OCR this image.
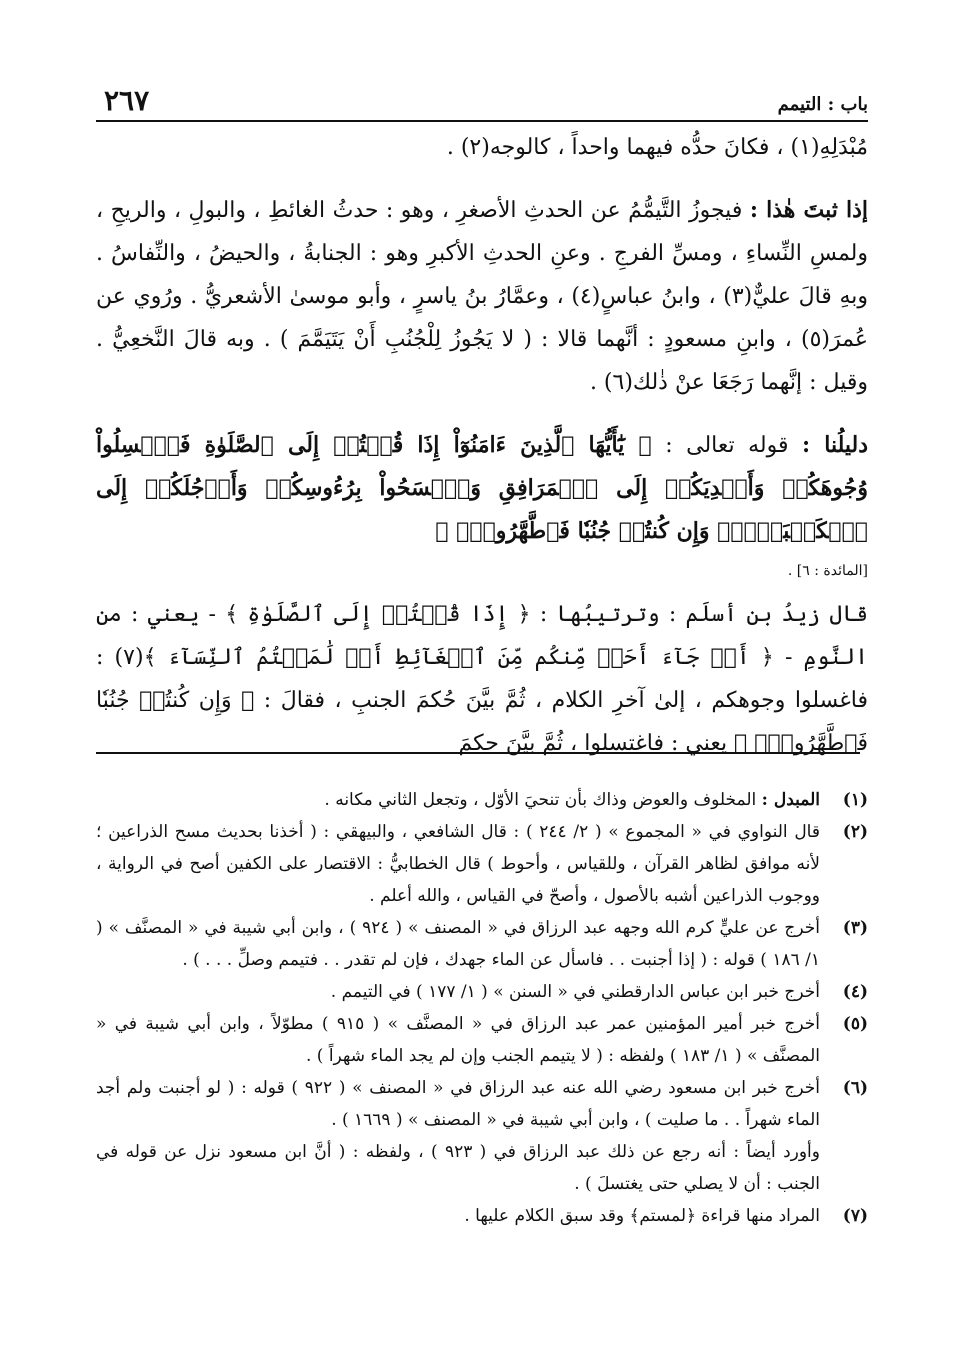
باب : التيمم
٢٦٧

مُبْدَلِهِ(١) ، فكانَ حدُّه فيهما واحداً ، كالوجه(٢) .

إذا ثبتَ هٰذا : فيجوزُ التَّيمُّمُ عن الحدثِ الأصغرِ ، وهو : حدثُ الغائطِ ، والبولِ ، والريحِ ، ولمسِ النِّساءِ ، ومسِّ الفرجِ . وعنِ الحدثِ الأكبرِ وهو : الجنابةُ ، والحيضُ ، والنِّفاسُ . وبهِ قالَ عليٌّ(٣) ، وابنُ عباسٍ(٤) ، وعمَّارُ بنُ ياسرٍ ، وأبو موسىٰ الأشعريُّ . ورُوي عن عُمرَ(٥) ، وابنِ مسعودٍ : أنَّهما قالا : ( لا يَجُوزُ لِلْجُنُبِ أَنْ يَتَيَمَّمَ ) . وبه قالَ النَّخعِيُّ . وقيل : إنَّهما رَجَعَا عنْ ذٰلك(٦) .

دليلُنا : قوله تعالى : ﴿ يَٰٓأَيُّهَا ٱلَّذِينَ ءَامَنُوٓاْ إِذَا قُمۡتُمۡ إِلَى ٱلصَّلَوٰةِ فَٱغۡسِلُواْ وُجُوهَكُمۡ وَأَيۡدِيَكُمۡ إِلَى ٱلۡمَرَافِقِ وَٱمۡسَحُواْ بِرُءُوسِكُمۡ وَأَرۡجُلَكُمۡ إِلَى ٱلۡكَعۡبَيۡنِۚ وَإِن كُنتُمۡ جُنُبٗا فَٱطَّهَّرُواْۚ ﴾

[المائدة : ٦] .

قال زيدُ بن أسلَم : وترتيبُها : ﴿ إِذَا قُمۡتُمۡ إِلَى ٱلصَّلَوٰةِ ﴾ - يعني : من النَّومِ - ﴿ أَوۡ جَآءَ أَحَدٞ مِّنكُم مِّنَ ٱلۡغَآئِطِ أَوۡ لَٰمَسۡتُمُ ٱلنِّسَآءَ ﴾(٧) : فاغسلوا وجوهكم ، إلىٰ آخرِ الكلام ، ثُمَّ بيَّنَ حُكمَ الجنبِ ، فقالَ : ﴿ وَإِن كُنتُمۡ جُنُبٗا فَٱطَّهَّرُواْۚ ﴾ يعني : فاغتسلوا ، ثُمَّ بيَّنَ حكمَ

(١)
المبدل : المخلوف والعوض وذاك بأن تنحيَ الأوّل ، وتجعل الثاني مكانه .
(٢)
قال النواوي في « المجموع » ( ٢/ ٢٤٤ ) : قال الشافعي ، والبيهقي : ( أخذنا بحديث مسح الذراعين ؛ لأنه موافق لظاهر القرآن ، وللقياس ، وأحوط ) قال الخطابيُّ : الاقتصار على الكفين أصح في الرواية ، ووجوب الذراعين أشبه بالأصول ، وأصحّ في القياس ، والله أعلم .
(٣)
أخرج عن عليٍّ كرم الله وجهه عبد الرزاق في « المصنف » ( ٩٢٤ ) ، وابن أبي شيبة في « المصنَّف » ( ١/ ١٨٦ ) قوله : ( إذا أجنبت . . فاسأل عن الماء جهدك ، فإن لم تقدر . . فتيمم وصلِّ . . . ) .
(٤)
أخرج خبر ابن عباس الدارقطني في « السنن » ( ١/ ١٧٧ ) في التيمم .
(٥)
أخرج خبر أمير المؤمنين عمر عبد الرزاق في « المصنَّف » ( ٩١٥ ) مطوّلاً ، وابن أبي شيبة في « المصنَّف » ( ١/ ١٨٣ ) ولفظه : ( لا يتيمم الجنب وإن لم يجد الماء شهراً ) .
(٦)
أخرج خبر ابن مسعود رضي الله عنه عبد الرزاق في « المصنف » ( ٩٢٢ ) قوله : ( لو أجنبت ولم أجد الماء شهراً . . ما صليت ) ، وابن أبي شيبة في « المصنف » ( ١٦٦٩ ) .
وأورد أيضاً : أنه رجع عن ذلك عبد الرزاق في ( ٩٢٣ ) ، ولفظه : ( أنَّ ابن مسعود نزل عن قوله في الجنب : أن لا يصلي حتى يغتسلَ ) .
(٧)
المراد منها قراءة ﴿لمستم﴾ وقد سبق الكلام عليها .
